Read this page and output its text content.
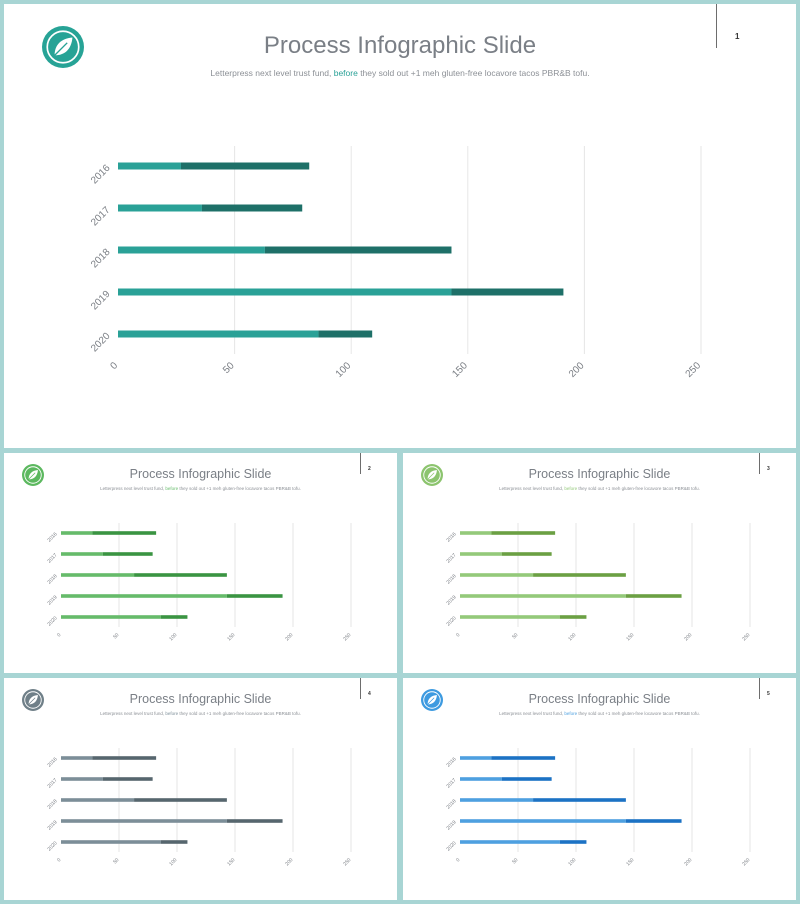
Process Infographic Slide
Letterpress next level trust fund, before they sold out +1 meh gluten-free locavore tacos PBR&B tofu.
1
2016
2017
2018
2019
2020
0	50	100	150	200	250
Process Infographic Slide
Letterpress next level trust fund, before they sold out +1 meh gluten-free locavore tacos PBR&B tofu.
2
2016
2017
2018
2019
2020
0	50	100	150	200	250
Process Infographic Slide
Letterpress next level trust fund, before they sold out +1 meh gluten-free locavore tacos PBR&B tofu.
3
2016
2017
2018
2019
2020
0	50	100	150	200	250
Process Infographic Slide
Letterpress next level trust fund, before they sold out +1 meh gluten-free locavore tacos PBR&B tofu.
4
2016
2017
2018
2019
2020
0	50	100	150	200	250
Process Infographic Slide
Letterpress next level trust fund, before they sold out +1 meh gluten-free locavore tacos PBR&B tofu.
5
2016
2017
2018
2019
2020
0	50	100	150	200	250
